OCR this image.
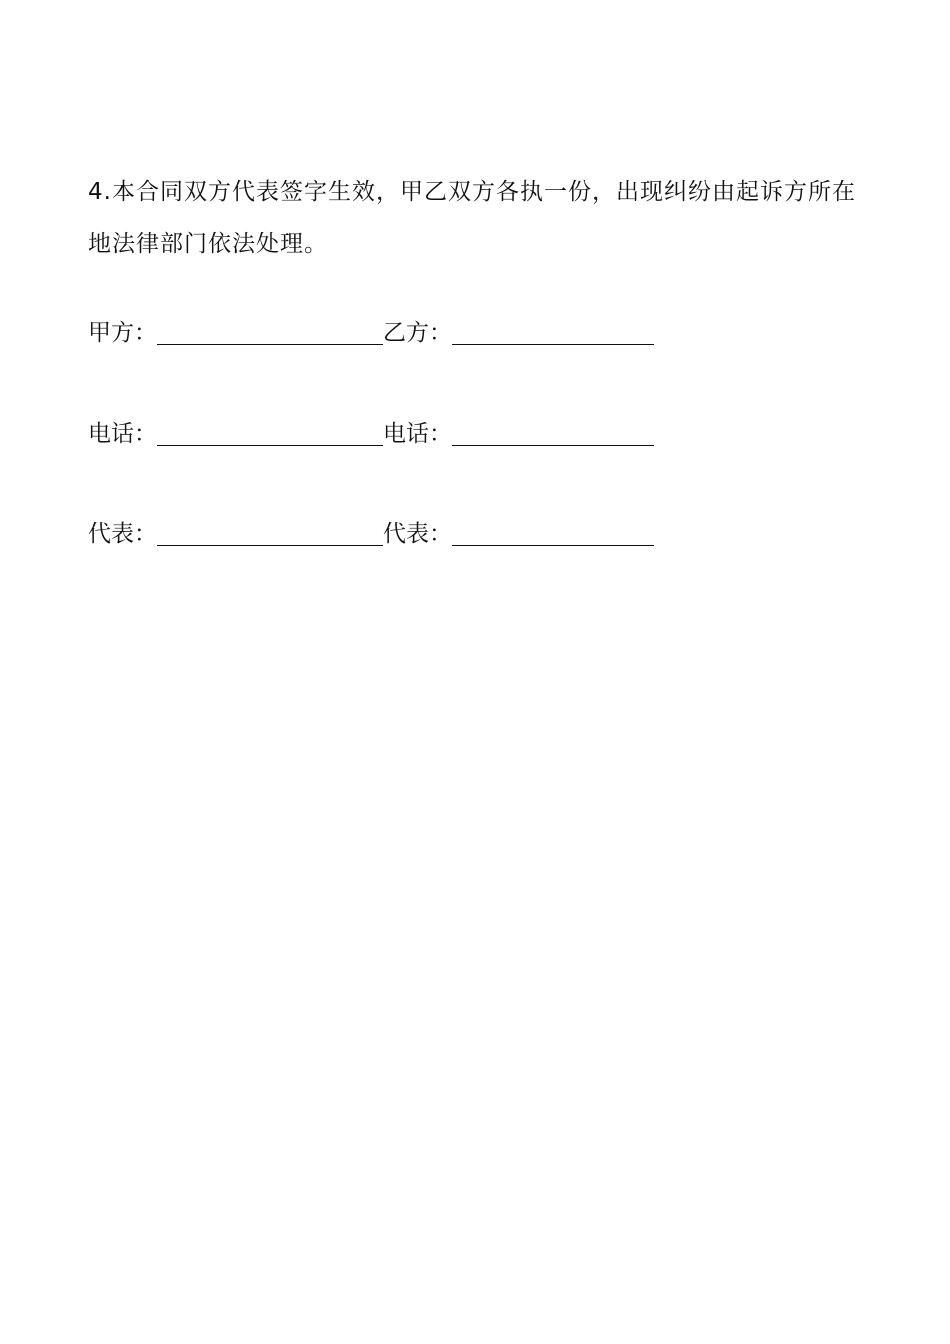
4.本合同双方代表签字生效，甲乙双方各执一份，出现纠纷由起诉方所在地法律部门依法处理。

甲方：	乙方：
电话：	电话：
代表：	代表：
